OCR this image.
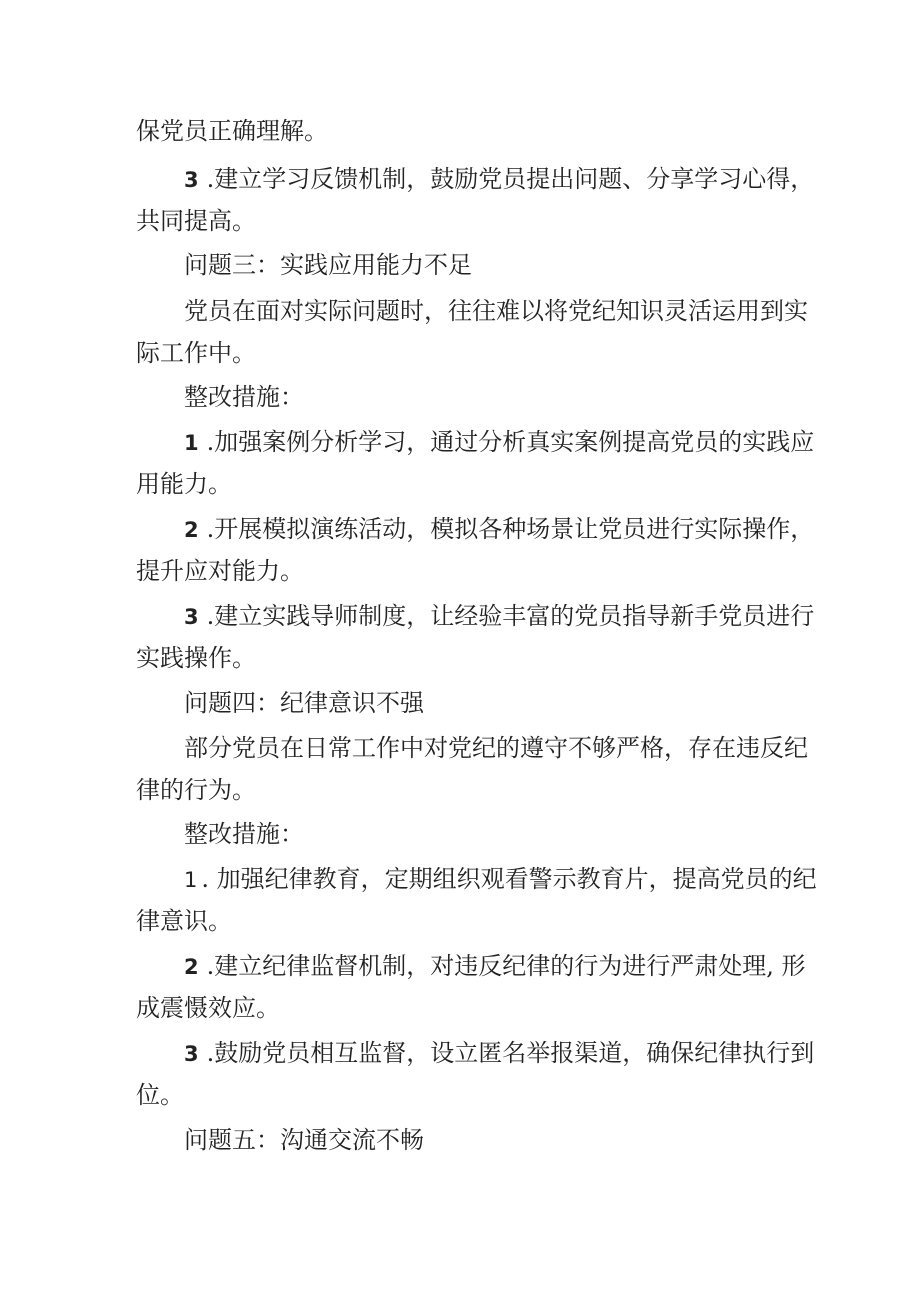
保党员正确理解。
3 .建立学习反馈机制，鼓励党员提出问题、分享学习心得，
共同提高。
问题三：实践应用能力不足
党员在面对实际问题时，往往难以将党纪知识灵活运用到实
际工作中。
整改措施：
1 .加强案例分析学习，通过分析真实案例提高党员的实践应
用能力。
2 .开展模拟演练活动，模拟各种场景让党员进行实际操作，
提升应对能力。
3 .建立实践导师制度，让经验丰富的党员指导新手党员进行
实践操作。
问题四：纪律意识不强
部分党员在日常工作中对党纪的遵守不够严格，存在违反纪
律的行为。
整改措施：
1 . 加强纪律教育，定期组织观看警示教育片，提高党员的纪
律意识。
2 .建立纪律监督机制，对违反纪律的行为进行严肃处理, 形
成震慑效应。
3 .鼓励党员相互监督，设立匿名举报渠道，确保纪律执行到
位。
问题五：沟通交流不畅
